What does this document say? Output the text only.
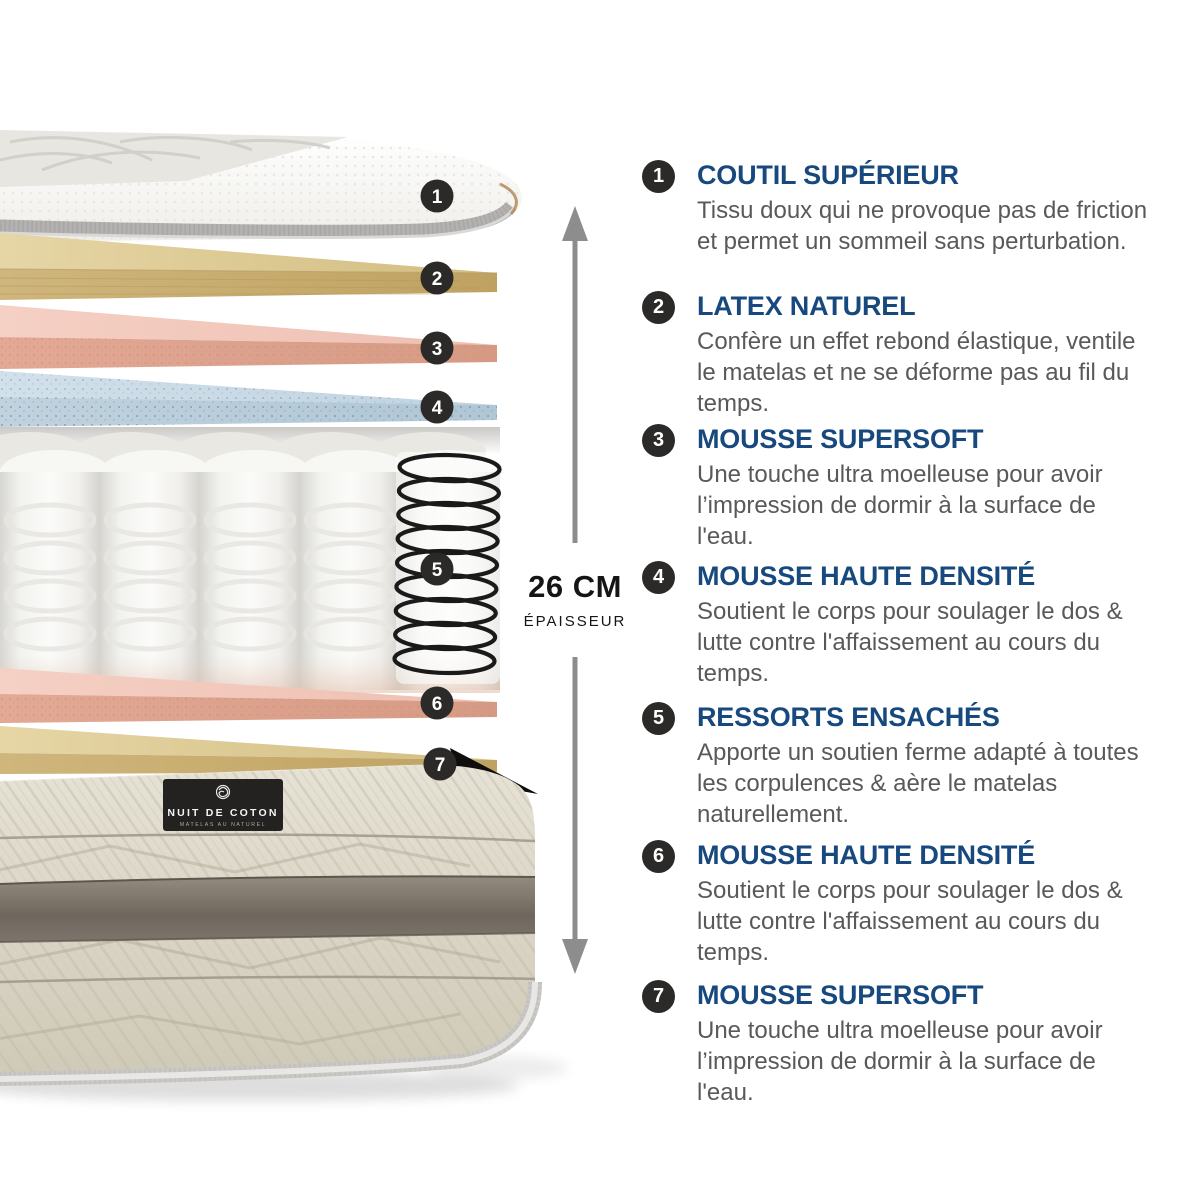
NUIT DE COTON
MATELAS AU NATUREL
1
2
3
4
5
6
7
26 CM
ÉPAISSEUR
1	COUTIL SUPÉRIEUR

Tissu doux qui ne provoque pas de friction et permet un sommeil sans perturbation.

2	LATEX NATUREL

Confère un effet rebond élastique, ventile le matelas et ne se déforme pas au fil du temps.

3	MOUSSE SUPERSOFT

Une touche ultra moelleuse pour avoir l’impression de dormir à la surface de l'eau.

4	MOUSSE HAUTE DENSITÉ

Soutient le corps pour soulager le dos & lutte contre l'affaissement au cours du temps.

5	RESSORTS ENSACHÉS

Apporte un soutien ferme adapté à toutes les corpulences & aère le matelas naturellement.

6	MOUSSE HAUTE DENSITÉ

Soutient le corps pour soulager le dos & lutte contre l'affaissement au cours du temps.

7	MOUSSE SUPERSOFT

Une touche ultra moelleuse pour avoir l’impression de dormir à la surface de l'eau.
